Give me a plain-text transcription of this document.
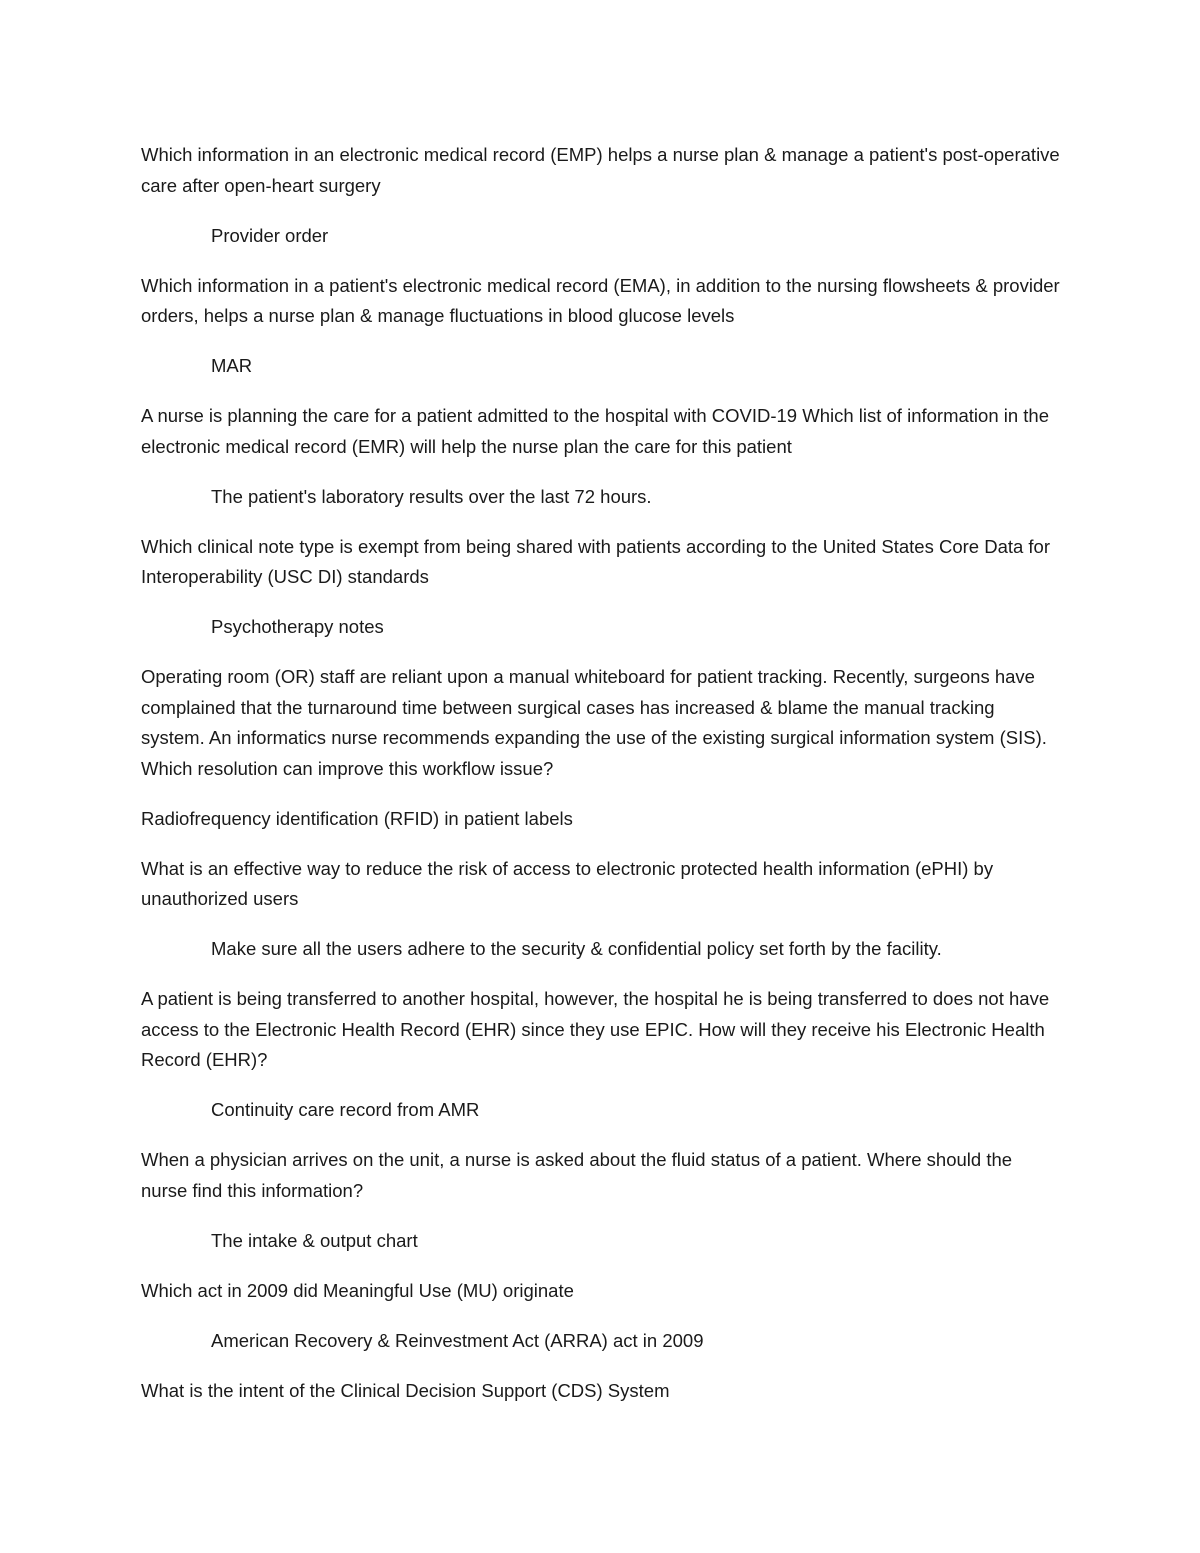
Which information in an electronic medical record (EMP) helps a nurse plan & manage a patient's post-operative care after open-heart surgery

Provider order

Which information in a patient's electronic medical record (EMA), in addition to the nursing flowsheets & provider orders, helps a nurse plan & manage fluctuations in blood glucose levels

MAR

A nurse is planning the care for a patient admitted to the hospital with COVID-19 Which list of information in the electronic medical record (EMR) will help the nurse plan the care for this patient

The patient's laboratory results over the last 72 hours.

Which clinical note type is exempt from being shared with patients according to the United States Core Data for Interoperability (USC DI) standards

Psychotherapy notes

Operating room (OR) staff are reliant upon a manual whiteboard for patient tracking. Recently, surgeons have complained that the turnaround time between surgical cases has increased & blame the manual tracking system. An informatics nurse recommends expanding the use of the existing surgical information system (SIS). Which resolution can improve this workflow issue?

Radiofrequency identification (RFID) in patient labels

What is an effective way to reduce the risk of access to electronic protected health information (ePHI) by unauthorized users

Make sure all the users adhere to the security & confidential policy set forth by the facility.

A patient is being transferred to another hospital, however, the hospital he is being transferred to does not have access to the Electronic Health Record (EHR) since they use EPIC. How will they receive his Electronic Health Record (EHR)?

Continuity care record from AMR

When a physician arrives on the unit, a nurse is asked about the fluid status of a patient. Where should the nurse find this information?

The intake & output chart

Which act in 2009 did Meaningful Use (MU) originate

American Recovery & Reinvestment Act (ARRA) act in 2009

What is the intent of the Clinical Decision Support (CDS) System
